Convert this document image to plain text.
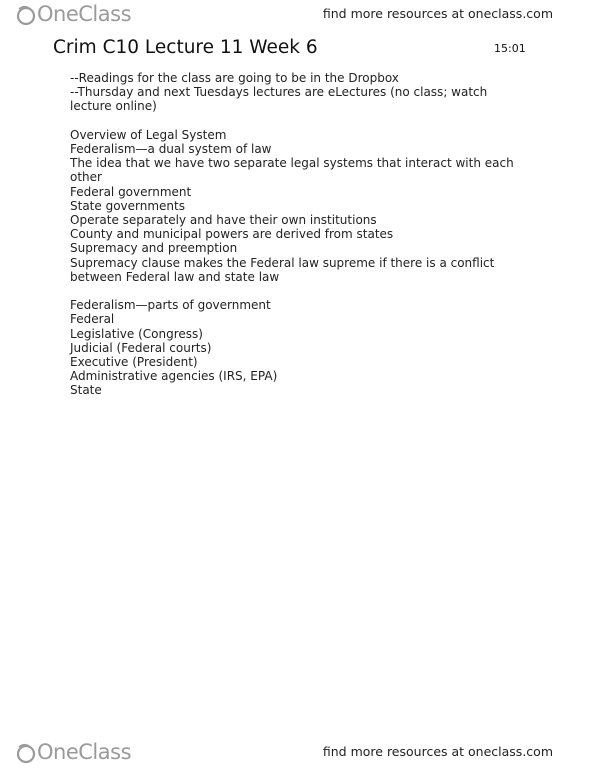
OneClass	find more resources at oneclass.com
Crim C10 Lecture 11 Week 6	15:01
--Readings for the class are going to be in the Dropbox
--Thursday and next Tuesdays lectures are eLectures (no class; watch
lecture online)
Overview of Legal System
Federalism—a dual system of law
The idea that we have two separate legal systems that interact with each
other
Federal government
State governments
Operate separately and have their own institutions
County and municipal powers are derived from states
Supremacy and preemption
Supremacy clause makes the Federal law supreme if there is a conflict
between Federal law and state law
Federalism—parts of government
Federal
Legislative (Congress)
Judicial (Federal courts)
Executive (President)
Administrative agencies (IRS, EPA)
State
OneClass	find more resources at oneclass.com
